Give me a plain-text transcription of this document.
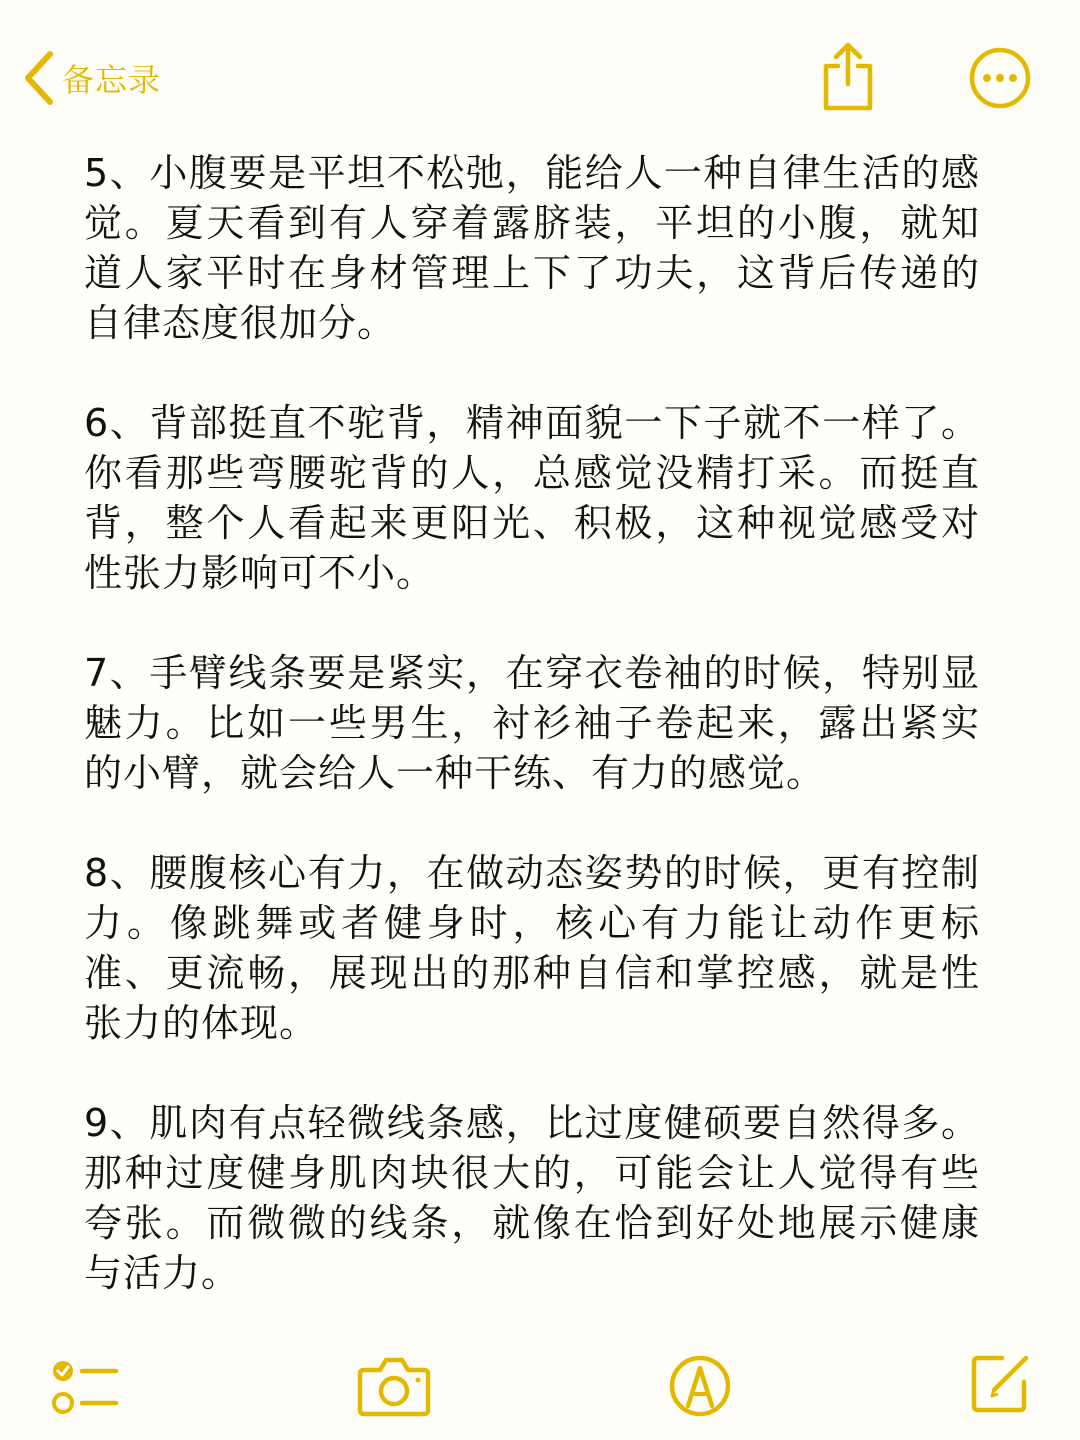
备忘录

5、小腹要是平坦不松弛，能给人一种自律生活的感觉。夏天看到有人穿着露脐装，平坦的小腹，就知道人家平时在身材管理上下了功夫，这背后传递的自律态度很加分。

6、背部挺直不驼背，精神面貌一下子就不一样了。你看那些弯腰驼背的人，总感觉没精打采。而挺直背，整个人看起来更阳光、积极，这种视觉感受对性张力影响可不小。

7、手臂线条要是紧实，在穿衣卷袖的时候，特别显魅力。比如一些男生，衬衫袖子卷起来，露出紧实的小臂，就会给人一种干练、有力的感觉。

8、腰腹核心有力，在做动态姿势的时候，更有控制力。像跳舞或者健身时，核心有力能让动作更标准、更流畅，展现出的那种自信和掌控感，就是性张力的体现。

9、肌肉有点轻微线条感，比过度健硕要自然得多。那种过度健身肌肉块很大的，可能会让人觉得有些夸张。而微微的线条，就像在恰到好处地展示健康与活力。
